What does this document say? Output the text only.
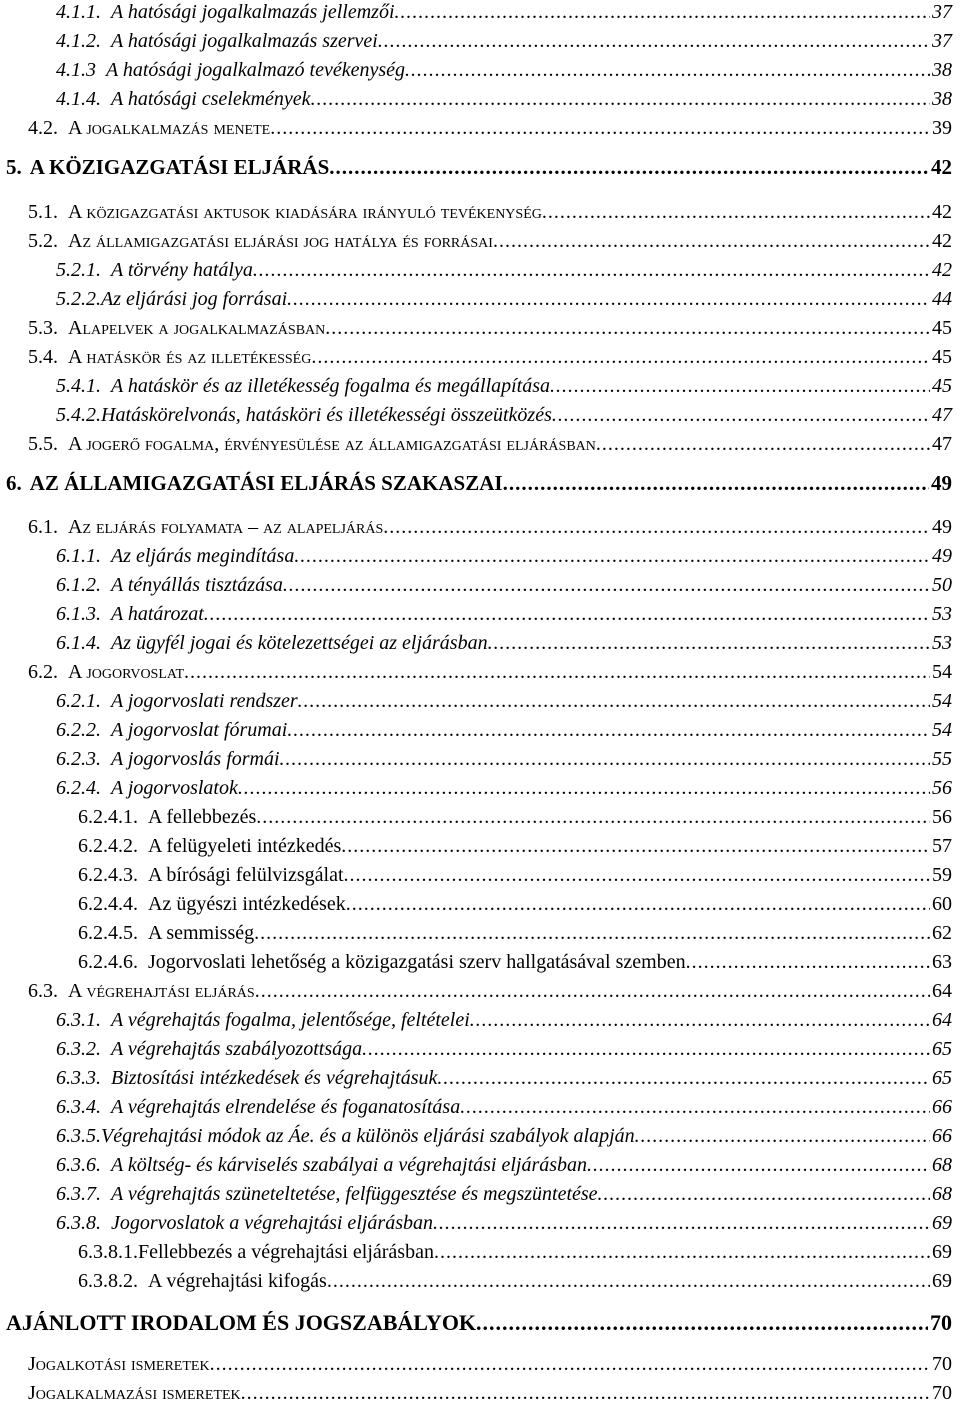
4.1.1. A hatósági jogalkalmazás jellemzői .....	37
4.1.2. A hatósági jogalkalmazás szervei .....	37
4.1.3 A hatósági jogalkalmazó tevékenység .....	38
4.1.4. A hatósági cselekmények .....	38
4.2. A jogalkalmazás menete .....	39
5. A KÖZIGAZGATÁSI ELJÁRÁS .....	42
5.1. A közigazgatási aktusok kiadására irányuló tevékenység .....	42
5.2. Az államigazgatási eljárási jog hatálya és forrásai .....	42
5.2.1. A törvény hatálya .....	42
5.2.2.Az eljárási jog forrásai .....	44
5.3. Alapelvek a jogalkalmazásban .....	45
5.4. A hatáskör és az illetékesség .....	45
5.4.1. A hatáskör és az illetékesség fogalma és megállapítása .....	45
5.4.2.Hatáskörelvonás, hatásköri és illetékességi összeütközés .....	47
5.5. A jogerő fogalma, érvényesülése az államigazgatási eljárásban .....	47
6. AZ ÁLLAMIGAZGATÁSI ELJÁRÁS SZAKASZAI .....	49
6.1. Az eljárás folyamata – az alapeljárás .....	49
6.1.1. Az eljárás megindítása .....	49
6.1.2. A tényállás tisztázása .....	50
6.1.3. A határozat .....	53
6.1.4. Az ügyfél jogai és kötelezettségei az eljárásban .....	53
6.2. A jogorvoslat .....	54
6.2.1. A jogorvoslati rendszer .....	54
6.2.2. A jogorvoslat fórumai .....	54
6.2.3. A jogorvoslás formái .....	55
6.2.4. A jogorvoslatok .....	56
6.2.4.1. A fellebbezés .....	56
6.2.4.2. A felügyeleti intézkedés .....	57
6.2.4.3. A bírósági felülvizsgálat .....	59
6.2.4.4. Az ügyészi intézkedések .....	60
6.2.4.5. A semmisség .....	62
6.2.4.6. Jogorvoslati lehetőség a közigazgatási szerv hallgatásával szemben .....	63
6.3. A végrehajtási eljárás .....	64
6.3.1. A végrehajtás fogalma, jelentősége, feltételei .....	64
6.3.2. A végrehajtás szabályozottsága .....	65
6.3.3. Biztosítási intézkedések és végrehajtásuk .....	65
6.3.4. A végrehajtás elrendelése és foganatosítása .....	66
6.3.5.Végrehajtási módok az Áe. és a különös eljárási szabályok alapján .....	66
6.3.6. A költség- és kárviselés szabályai a végrehajtási eljárásban .....	68
6.3.7. A végrehajtás szüneteltetése, felfüggesztése és megszüntetése .....	68
6.3.8. Jogorvoslatok a végrehajtási eljárásban .....	69
6.3.8.1.Fellebbezés a végrehajtási eljárásban .....	69
6.3.8.2. A végrehajtási kifogás .....	69
AJÁNLOTT IRODALOM ÉS JOGSZABÁLYOK .....	70
Jogalkotási ismeretek .....	70
Jogalkalmazási ismeretek .....	70
